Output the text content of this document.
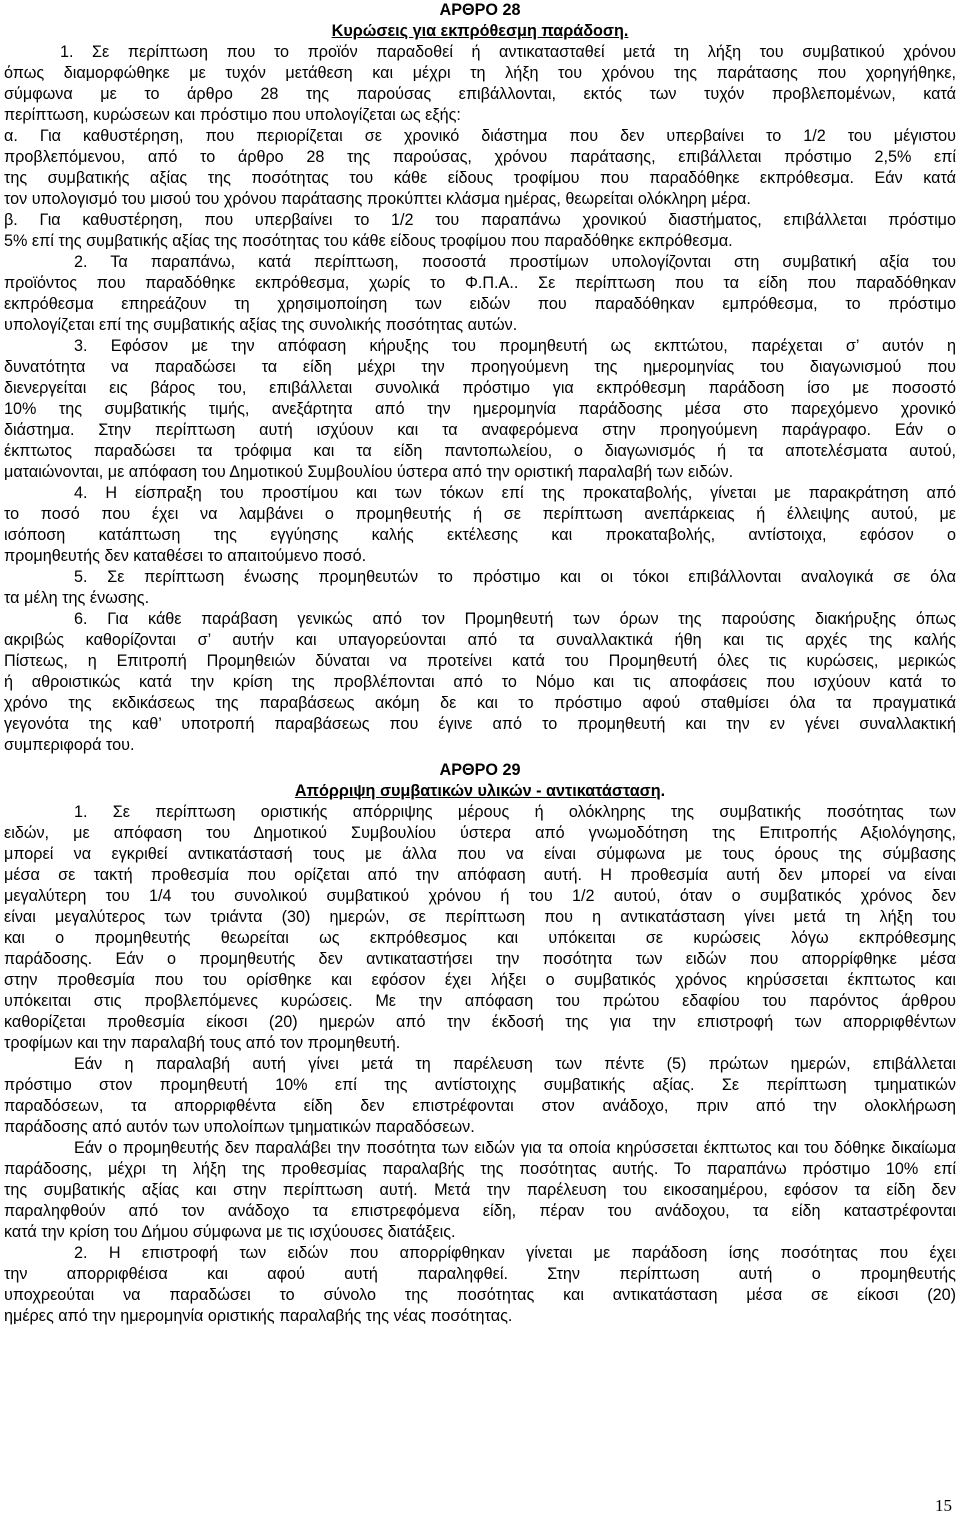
ΑΡΘΡΟ 28
Κυρώσεις για εκπρόθεσμη παράδοση.
1. Σε περίπτωση που το προϊόν παραδοθεί ή αντικατασταθεί μετά τη λήξη του συμβατικού χρόνου
όπως διαμορφώθηκε με τυχόν μετάθεση και μέχρι τη λήξη του χρόνου της παράτασης που χορηγήθηκε,
σύμφωνα με το άρθρο 28 της παρούσας επιβάλλονται, εκτός των τυχόν προβλεπομένων, κατά
περίπτωση, κυρώσεων και πρόστιμο που υπολογίζεται ως εξής:
α. Για καθυστέρηση, που περιορίζεται σε χρονικό διάστημα που δεν υπερβαίνει το 1/2 του μέγιστου
προβλεπόμενου, από το άρθρο 28 της παρούσας, χρόνου παράτασης, επιβάλλεται πρόστιμο 2,5% επί
της συμβατικής αξίας της ποσότητας του κάθε είδους τροφίμου που παραδόθηκε εκπρόθεσμα. Εάν κατά
τον υπολογισμό του μισού του χρόνου παράτασης προκύπτει κλάσμα ημέρας, θεωρείται ολόκληρη μέρα.
β. Για καθυστέρηση, που υπερβαίνει το 1/2 του παραπάνω χρονικού διαστήματος, επιβάλλεται πρόστιμο
5% επί της συμβατικής αξίας της ποσότητας του κάθε είδους τροφίμου που παραδόθηκε εκπρόθεσμα.
2. Τα παραπάνω, κατά περίπτωση, ποσοστά προστίμων υπολογίζονται στη συμβατική αξία του
προϊόντος που παραδόθηκε εκπρόθεσμα, χωρίς το Φ.Π.Α.. Σε περίπτωση που τα είδη που παραδόθηκαν
εκπρόθεσμα επηρεάζουν τη χρησιμοποίηση των ειδών που παραδόθηκαν εμπρόθεσμα, το πρόστιμο
υπολογίζεται επί της συμβατικής αξίας της συνολικής ποσότητας αυτών.
3. Εφόσον με την απόφαση κήρυξης του προμηθευτή ως εκπτώτου, παρέχεται σ’ αυτόν η
δυνατότητα να παραδώσει τα είδη μέχρι την προηγούμενη της ημερομηνίας του διαγωνισμού που
διενεργείται εις βάρος του, επιβάλλεται συνολικά πρόστιμο για εκπρόθεσμη παράδοση ίσο με ποσοστό
10% της συμβατικής τιμής, ανεξάρτητα από την ημερομηνία παράδοσης μέσα στο παρεχόμενο χρονικό
διάστημα. Στην περίπτωση αυτή ισχύουν και τα αναφερόμενα στην προηγούμενη παράγραφο. Εάν ο
έκπτωτος παραδώσει τα τρόφιμα και τα είδη παντοπωλείου, ο διαγωνισμός ή τα αποτελέσματα αυτού,
ματαιώνονται, με απόφαση του Δημοτικού Συμβουλίου ύστερα από την οριστική παραλαβή των ειδών.
4. Η είσπραξη του προστίμου και των τόκων επί της προκαταβολής, γίνεται με παρακράτηση από
το ποσό που έχει να λαμβάνει ο προμηθευτής ή σε περίπτωση ανεπάρκειας ή έλλειψης αυτού, με
ισόποση κατάπτωση της εγγύησης καλής εκτέλεσης και προκαταβολής, αντίστοιχα, εφόσον ο
προμηθευτής δεν καταθέσει το απαιτούμενο ποσό.
5. Σε περίπτωση ένωσης προμηθευτών το πρόστιμο και οι τόκοι επιβάλλονται αναλογικά σε όλα
τα μέλη της ένωσης.
6. Για κάθε παράβαση γενικώς από τον Προμηθευτή των όρων της παρούσης διακήρυξης όπως
ακριβώς καθορίζονται σ’ αυτήν και υπαγορεύονται από τα συναλλακτικά ήθη και τις αρχές της καλής
Πίστεως, η Επιτροπή Προμηθειών δύναται να προτείνει κατά του Προμηθευτή όλες τις κυρώσεις, μερικώς
ή αθροιστικώς κατά την κρίση της προβλέπονται από το Νόμο και τις αποφάσεις που ισχύουν κατά το
χρόνο της εκδικάσεως της παραβάσεως ακόμη δε και το πρόστιμο αφού σταθμίσει όλα τα πραγματικά
γεγονότα της καθ’ υποτροπή παραβάσεως που έγινε από το προμηθευτή και την εν γένει συναλλακτική
συμπεριφορά του.
ΑΡΘΡΟ 29
Απόρριψη συμβατικών υλικών - αντικατάσταση.
1. Σε περίπτωση οριστικής απόρριψης μέρους ή ολόκληρης της συμβατικής ποσότητας των
ειδών, με απόφαση του Δημοτικού Συμβουλίου ύστερα από γνωμοδότηση της Επιτροπής Αξιολόγησης,
μπορεί να εγκριθεί αντικατάστασή τους με άλλα που να είναι σύμφωνα με τους όρους της σύμβασης
μέσα σε τακτή προθεσμία που ορίζεται από την απόφαση αυτή. Η προθεσμία αυτή δεν μπορεί να είναι
μεγαλύτερη του 1/4 του συνολικού συμβατικού χρόνου ή του 1/2 αυτού, όταν ο συμβατικός χρόνος δεν
είναι μεγαλύτερος των τριάντα (30) ημερών, σε περίπτωση που η αντικατάσταση γίνει μετά τη λήξη του
και ο προμηθευτής θεωρείται ως εκπρόθεσμος και υπόκειται σε κυρώσεις λόγω εκπρόθεσμης
παράδοσης. Εάν ο προμηθευτής δεν αντικαταστήσει την ποσότητα των ειδών που απορρίφθηκε μέσα
στην προθεσμία που του ορίσθηκε και εφόσον έχει λήξει ο συμβατικός χρόνος κηρύσσεται έκπτωτος και
υπόκειται στις προβλεπόμενες κυρώσεις. Με την απόφαση του πρώτου εδαφίου του παρόντος άρθρου
καθορίζεται προθεσμία είκοσι (20) ημερών από την έκδοσή της για την επιστροφή των απορριφθέντων
τροφίμων και την παραλαβή τους από τον προμηθευτή.
Εάν η παραλαβή αυτή γίνει μετά τη παρέλευση των πέντε (5) πρώτων ημερών, επιβάλλεται
πρόστιμο στον προμηθευτή 10% επί της αντίστοιχης συμβατικής αξίας. Σε περίπτωση τμηματικών
παραδόσεων, τα απορριφθέντα είδη δεν επιστρέφονται στον ανάδοχο, πριν από την ολοκλήρωση
παράδοσης από αυτόν των υπολοίπων τμηματικών παραδόσεων.
Εάν ο προμηθευτής δεν παραλάβει την ποσότητα των ειδών για τα οποία κηρύσσεται έκπτωτος και του δόθηκε δικαίωμα
παράδοσης, μέχρι τη λήξη της προθεσμίας παραλαβής της ποσότητας αυτής. Το παραπάνω πρόστιμο 10% επί
της συμβατικής αξίας και στην περίπτωση αυτή. Μετά την παρέλευση του εικοσαημέρου, εφόσον τα είδη δεν
παραληφθούν από τον ανάδοχο τα επιστρεφόμενα είδη, πέραν του ανάδοχου, τα είδη καταστρέφονται
κατά την κρίση του Δήμου σύμφωνα με τις ισχύουσες διατάξεις.
2. Η επιστροφή των ειδών που απορρίφθηκαν γίνεται με παράδοση ίσης ποσότητας που έχει
την απορριφθέισα και αφού αυτή παραληφθεί. Στην περίπτωση αυτή ο προμηθευτής
υποχρεούται να παραδώσει το σύνολο της ποσότητας και αντικατάσταση μέσα σε είκοσι (20)
ημέρες από την ημερομηνία οριστικής παραλαβής της νέας ποσότητας.
15
